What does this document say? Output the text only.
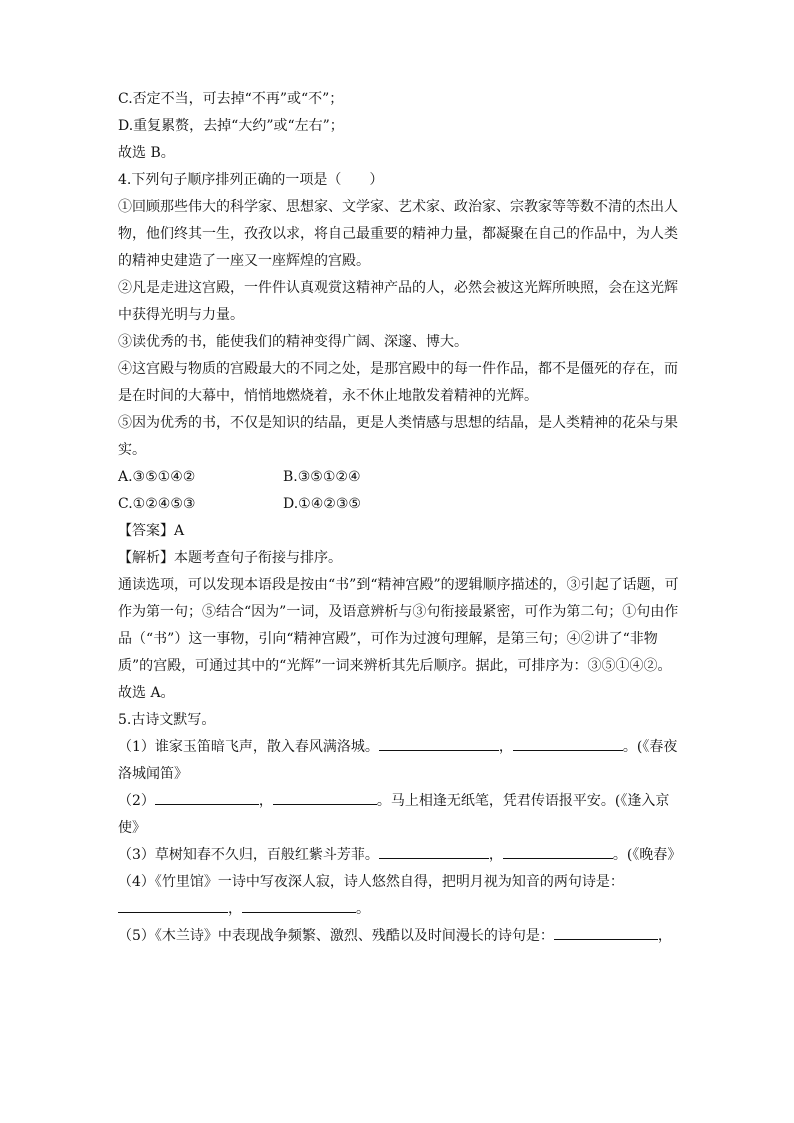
C.否定不当，可去掉“不再”或“不”；
D.重复累赘，去掉“大约”或“左右”；
故选 B。
4.下列句子顺序排列正确的一项是（　　）
①回顾那些伟大的科学家、思想家、文学家、艺术家、政治家、宗教家等等数不清的杰出人物，他们终其一生，孜孜以求，将自己最重要的精神力量，都凝聚在自己的作品中，为人类的精神史建造了一座又一座辉煌的宫殿。
②凡是走进这宫殿，一件件认真观赏这精神产品的人，必然会被这光辉所映照，会在这光辉中获得光明与力量。
③读优秀的书，能使我们的精神变得广阔、深邃、博大。
④这宫殿与物质的宫殿最大的不同之处，是那宫殿中的每一件作品，都不是僵死的存在，而是在时间的大幕中，悄悄地燃烧着，永不休止地散发着精神的光辉。
⑤因为优秀的书，不仅是知识的结晶，更是人类情感与思想的结晶，是人类精神的花朵与果实。
A.③⑤①④②	B.③⑤①②④
C.①②④⑤③	D.①④②③⑤
【答案】A
【解析】本题考查句子衔接与排序。
通读选项，可以发现本语段是按由“书”到“精神宫殿”的逻辑顺序描述的，③引起了话题，可作为第一句；⑤结合“因为”一词，及语意辨析与③句衔接最紧密，可作为第二句；①句由作品（“书”）这一事物，引向“精神宫殿”，可作为过渡句理解，是第三句；④②讲了“非物质”的宫殿，可通过其中的“光辉”一词来辨析其先后顺序。据此，可排序为：③⑤①④②。
故选 A。
5.古诗文默写。
（1）谁家玉笛暗飞声，散入春风满洛城。	，	。(《春夜洛城闻笛》
（2）	，	。马上相逢无纸笔，凭君传语报平安。(《逢入京使》
（3）草树知春不久归，百般红紫斗芳菲。	，	。(《晚春》
（4）《竹里馆》一诗中写夜深人寂，诗人悠然自得，把明月视为知音的两句诗是：，	。
（5）《木兰诗》中表现战争频繁、激烈、残酷以及时间漫长的诗句是：	，
